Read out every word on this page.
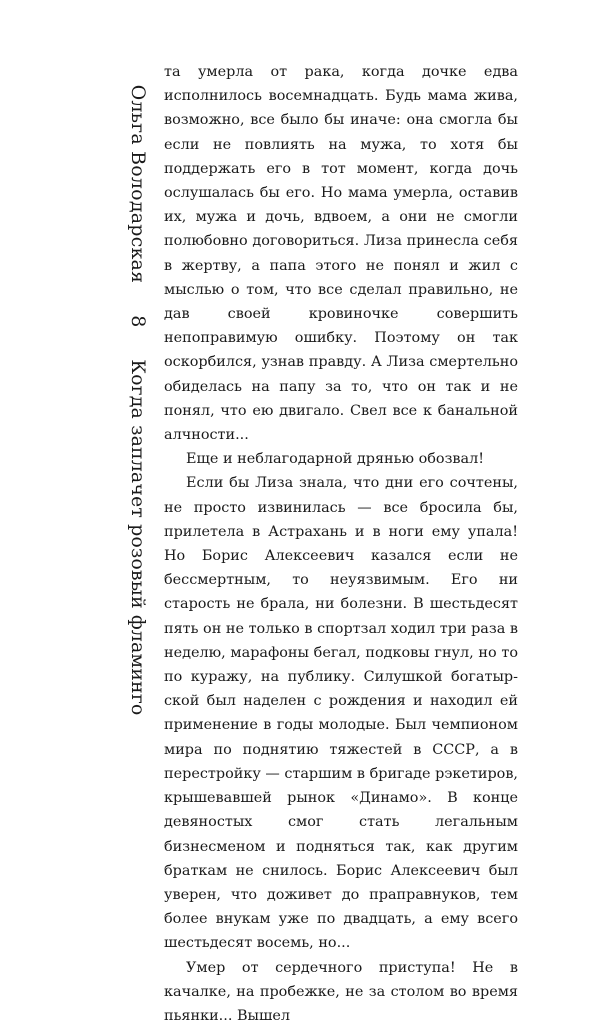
Ольга Володарская
8
Когда заплачет розовый фламинго

та умерла от рака, когда дочке едва исполнилось восемнадцать. Будь мама жива, возможно, все было бы иначе: она смогла бы если не повлиять на мужа, то хотя бы поддержать его в тот момент, когда дочь ослушалась бы его. Но мама умерла, оставив их, мужа и дочь, вдвоем, а они не смогли полюбовно договориться. Лиза принесла себя в жертву, а папа этого не понял и жил с мыслью о том, что все сделал правильно, не дав своей кровиночке совершить непоправимую ошибку. Поэтому он так оскорбился, узнав правду. А Лиза смертельно обиделась на папу за то, что он так и не понял, что ею двигало. Свел все к банальной алчности...

Еще и неблагодарной дрянью обозвал!

Если бы Лиза знала, что дни его сочтены, не просто извинилась — все бросила бы, прилетела в Астрахань и в ноги ему упала! Но Борис Алексеевич казался если не бессмертным, то неуязвимым. Его ни старость не брала, ни болезни. В шестьдесят пять он не только в спортзал ходил три раза в неделю, марафоны бегал, подковы гнул, но то по куражу, на публику. Силушкой богатырской был наделен с рождения и находил ей применение в годы молодые. Был чемпионом мира по поднятию тяжестей в СССР, а в перестройку — старшим в бригаде рэкетиров, крышевавшей рынок «Динамо». В конце девяностых смог стать легальным бизнесменом и подняться так, как другим браткам не снилось. Борис Алексеевич был уверен, что доживет до праправнуков, тем более внукам уже по двадцать, а ему всего шестьдесят восемь, но...

Умер от сердечного приступа! Не в качалке, на пробежке, не за столом во время пьянки... Вышел
